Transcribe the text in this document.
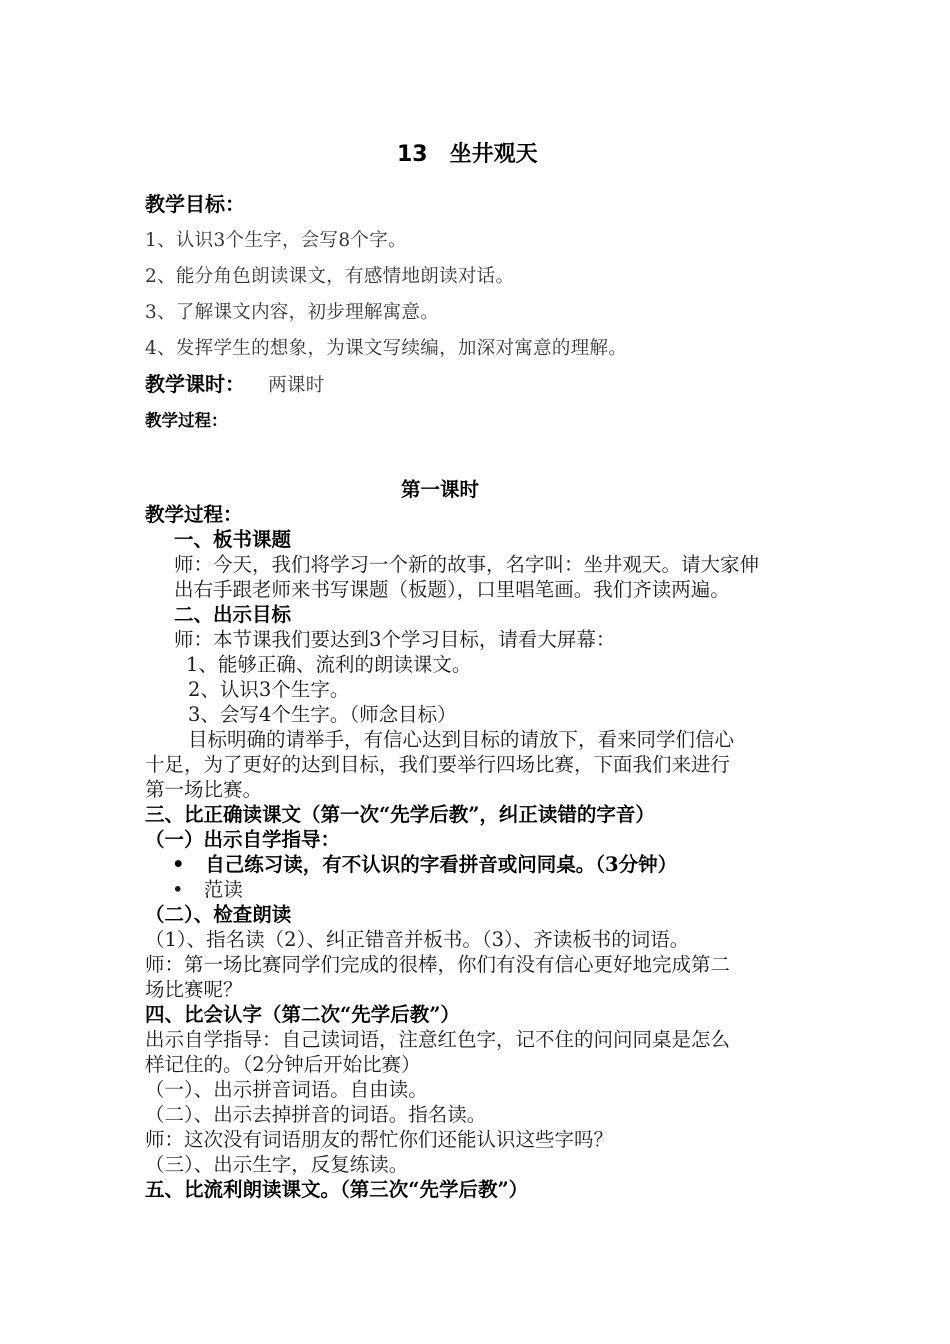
13　坐井观天
教学目标：
1、认识3个生字，会写8个字。
2、能分角色朗读课文，有感情地朗读对话。
3、了解课文内容，初步理解寓意。
4、发挥学生的想象，为课文写续编，加深对寓意的理解。
教学课时： 两课时
教学过程：
第一课时
教学过程：
一、板书课题
师：今天，我们将学习一个新的故事，名字叫：坐井观天。请大家伸
出右手跟老师来书写课题（板题），口里唱笔画。我们齐读两遍。
二、出示目标
师：本节课我们要达到3个学习目标，请看大屏幕：
1、能够正确、流利的朗读课文。
2、认识3个生字。
3、会写4个生字。（师念目标）
目标明确的请举手，有信心达到目标的请放下，看来同学们信心
十足，为了更好的达到目标，我们要举行四场比赛，下面我们来进行
第一场比赛。
三、比正确读课文（第一次“先学后教”，纠正读错的字音）
（一）出示自学指导：
• 自己练习读，有不认识的字看拼音或问同桌。（3分钟）
• 范读
（二）、检查朗读
（1）、指名读（2）、纠正错音并板书。（3）、齐读板书的词语。
师：第一场比赛同学们完成的很棒，你们有没有信心更好地完成第二
场比赛呢？
四、比会认字（第二次“先学后教”）
出示自学指导：自己读词语，注意红色字，记不住的问问同桌是怎么
样记住的。（2分钟后开始比赛）
（一）、出示拼音词语。自由读。
（二）、出示去掉拼音的词语。指名读。
师：这次没有词语朋友的帮忙你们还能认识这些字吗？
（三）、出示生字，反复练读。
五、比流利朗读课文。（第三次“先学后教”）
